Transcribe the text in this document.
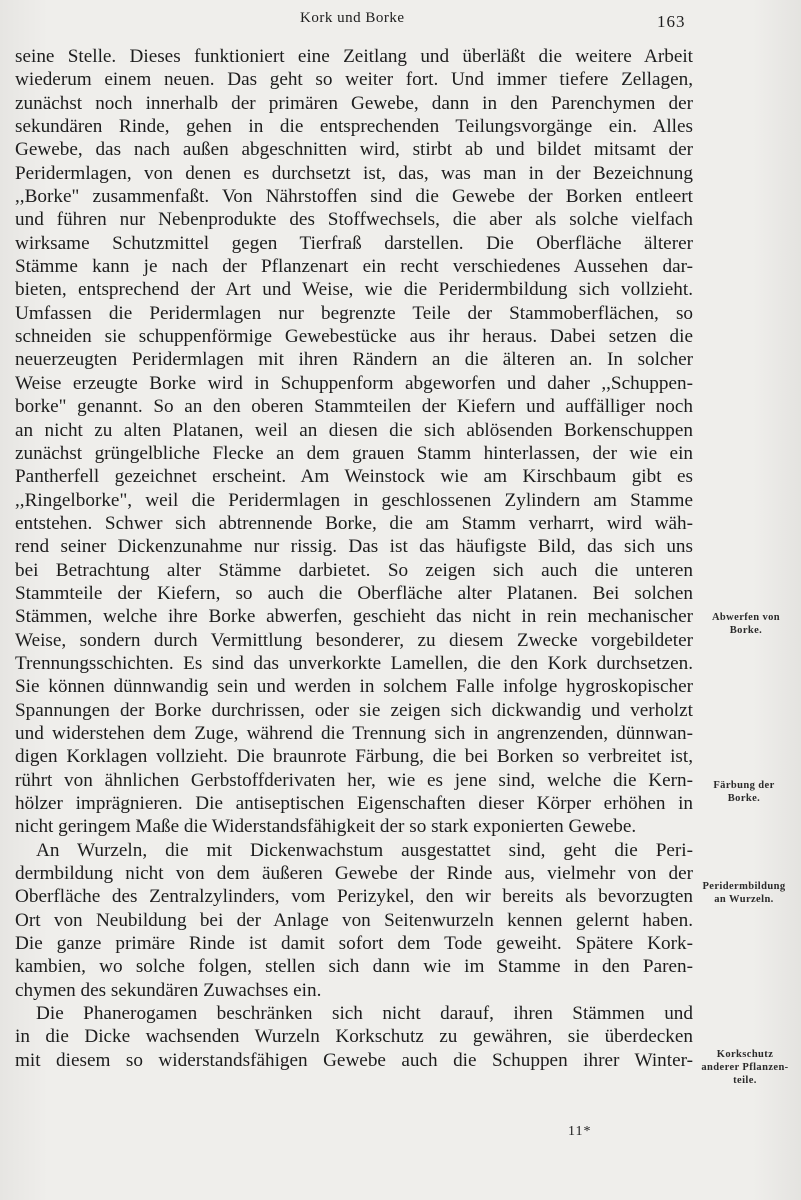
Kork und Borke	163
seine Stelle. Dieses funktioniert eine Zeitlang und überläßt die weitere Arbeit
wiederum einem neuen. Das geht so weiter fort. Und immer tiefere Zellagen,
zunächst noch innerhalb der primären Gewebe, dann in den Parenchymen der
sekundären Rinde, gehen in die entsprechenden Teilungsvorgänge ein. Alles
Gewebe, das nach außen abgeschnitten wird, stirbt ab und bildet mitsamt der
Peridermlagen, von denen es durchsetzt ist, das, was man in der Bezeichnung
,,Borke" zusammenfaßt. Von Nährstoffen sind die Gewebe der Borken entleert
und führen nur Nebenprodukte des Stoffwechsels, die aber als solche vielfach
wirksame Schutzmittel gegen Tierfraß darstellen. Die Oberfläche älterer
Stämme kann je nach der Pflanzenart ein recht verschiedenes Aussehen dar-
bieten, entsprechend der Art und Weise, wie die Peridermbildung sich vollzieht.
Umfassen die Peridermlagen nur begrenzte Teile der Stammoberflächen, so
schneiden sie schuppenförmige Gewebestücke aus ihr heraus. Dabei setzen die
neuerzeugten Peridermlagen mit ihren Rändern an die älteren an. In solcher
Weise erzeugte Borke wird in Schuppenform abgeworfen und daher ,,Schuppen-
borke" genannt. So an den oberen Stammteilen der Kiefern und auffälliger noch
an nicht zu alten Platanen, weil an diesen die sich ablösenden Borkenschuppen
zunächst grüngelbliche Flecke an dem grauen Stamm hinterlassen, der wie ein
Pantherfell gezeichnet erscheint. Am Weinstock wie am Kirschbaum gibt es
,,Ringelborke", weil die Peridermlagen in geschlossenen Zylindern am Stamme
entstehen. Schwer sich abtrennende Borke, die am Stamm verharrt, wird wäh-
rend seiner Dickenzunahme nur rissig. Das ist das häufigste Bild, das sich uns
bei Betrachtung alter Stämme darbietet. So zeigen sich auch die unteren
Stammteile der Kiefern, so auch die Oberfläche alter Platanen. Bei solchen
Stämmen, welche ihre Borke abwerfen, geschieht das nicht in rein mechanischer
Weise, sondern durch Vermittlung besonderer, zu diesem Zwecke vorgebildeter
Trennungsschichten. Es sind das unverkorkte Lamellen, die den Kork durchsetzen.
Sie können dünnwandig sein und werden in solchem Falle infolge hygroskopischer
Spannungen der Borke durchrissen, oder sie zeigen sich dickwandig und verholzt
und widerstehen dem Zuge, während die Trennung sich in angrenzenden, dünnwan-
digen Korklagen vollzieht. Die braunrote Färbung, die bei Borken so verbreitet ist,
rührt von ähnlichen Gerbstoffderivaten her, wie es jene sind, welche die Kern-
hölzer imprägnieren. Die antiseptischen Eigenschaften dieser Körper erhöhen in
nicht geringem Maße die Widerstandsfähigkeit der so stark exponierten Gewebe.
An Wurzeln, die mit Dickenwachstum ausgestattet sind, geht die Peri-
dermbildung nicht von dem äußeren Gewebe der Rinde aus, vielmehr von der
Oberfläche des Zentralzylinders, vom Perizykel, den wir bereits als bevorzugten
Ort von Neubildung bei der Anlage von Seitenwurzeln kennen gelernt haben.
Die ganze primäre Rinde ist damit sofort dem Tode geweiht. Spätere Kork-
kambien, wo solche folgen, stellen sich dann wie im Stamme in den Paren-
chymen des sekundären Zuwachses ein.
Die Phanerogamen beschränken sich nicht darauf, ihren Stämmen und
in die Dicke wachsenden Wurzeln Korkschutz zu gewähren, sie überdecken
mit diesem so widerstandsfähigen Gewebe auch die Schuppen ihrer Winter-
Abwerfen von
Borke.
Färbung der
Borke.
Peridermbildung
an Wurzeln.
Korkschutz
anderer Pflanzen-
teile.
11*
